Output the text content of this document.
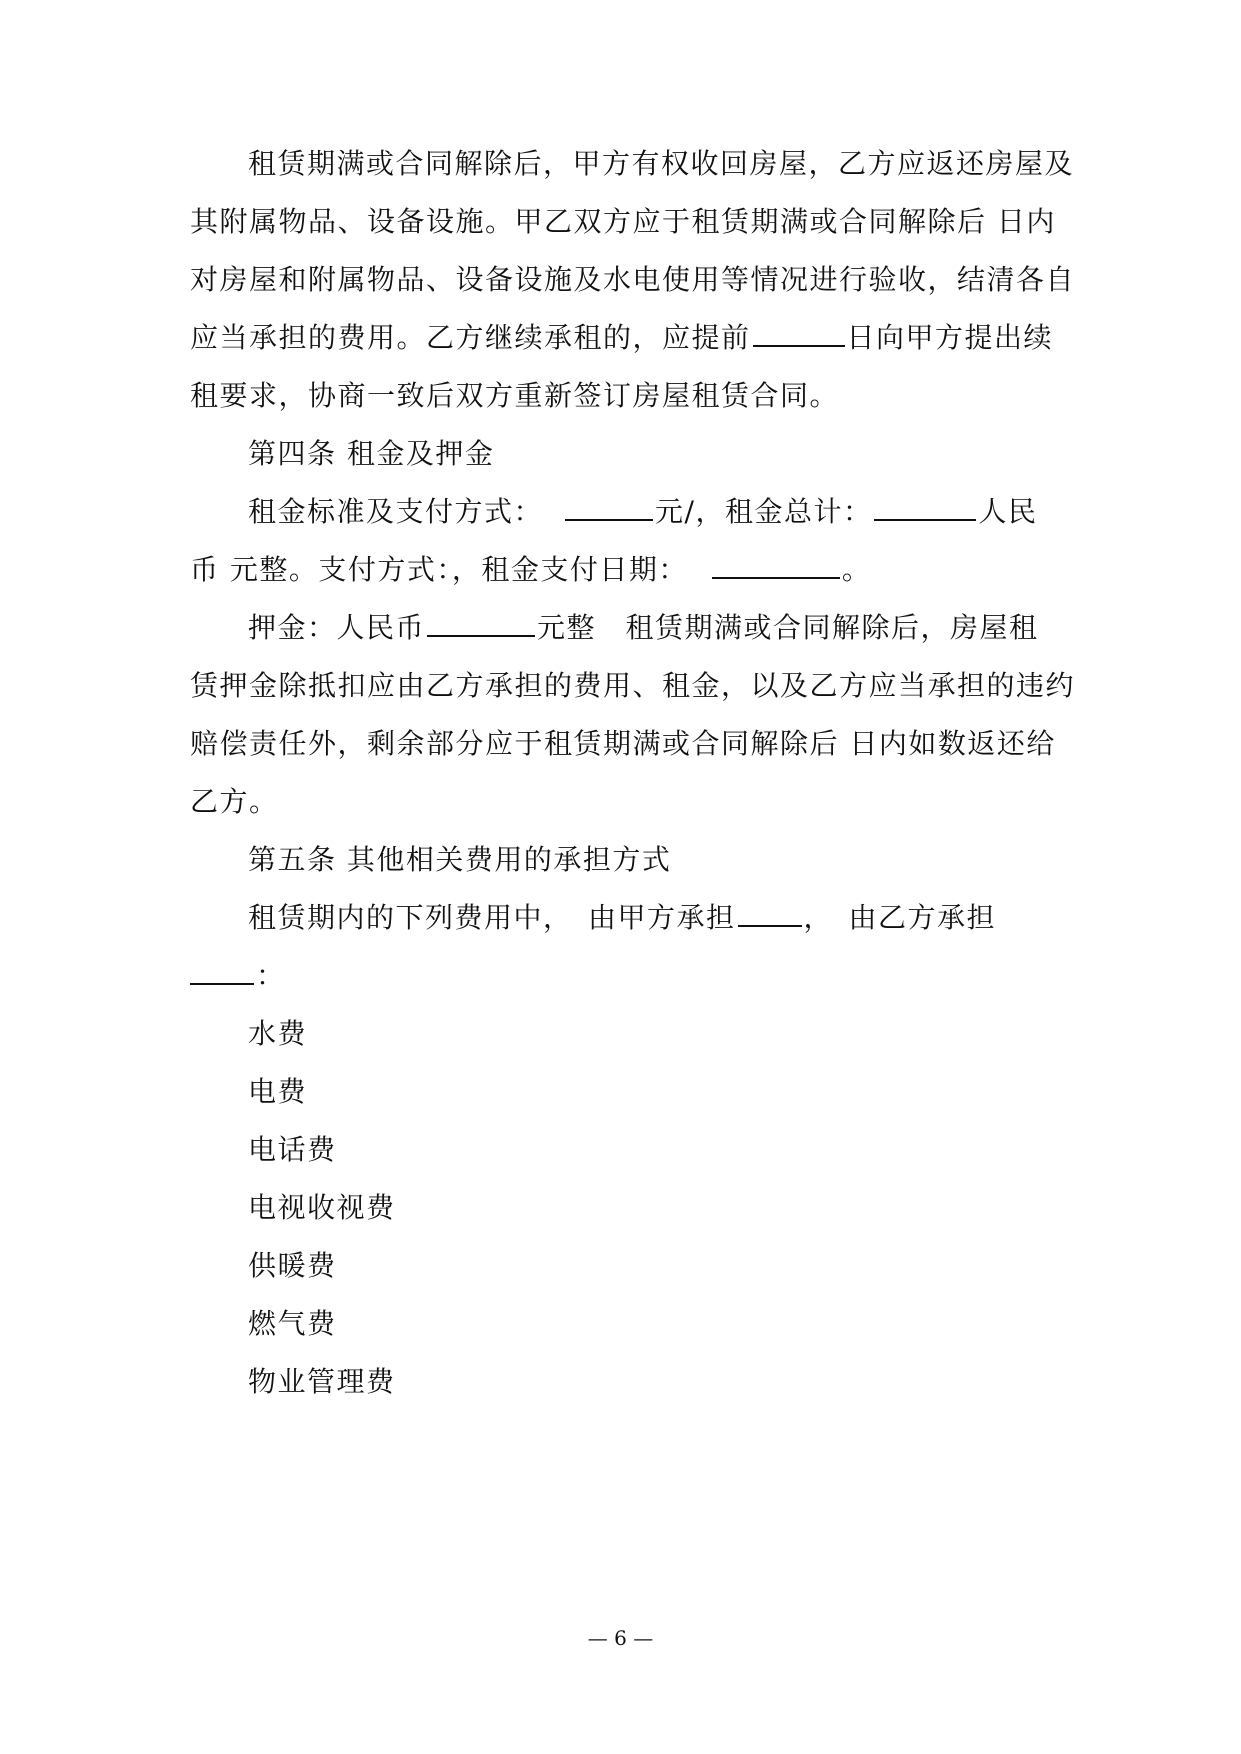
租赁期满或合同解除后，甲方有权收回房屋，乙方应返还房屋及
其附属物品、设备设施。甲乙双方应于租赁期满或合同解除后 日内
对房屋和附属物品、设备设施及水电使用等情况进行验收，结清各自
应当承担的费用。乙方继续承租的，应提前	日向甲方提出续
租要求，协商一致后双方重新签订房屋租赁合同。
第四条 租金及押金
租金标准及支付方式：	元/，租金总计：	人民
币 元整。支付方式：，租金支付日期：	。
押金：人民币	元整　租赁期满或合同解除后，房屋租
赁押金除抵扣应由乙方承担的费用、租金，以及乙方应当承担的违约
赔偿责任外，剩余部分应于租赁期满或合同解除后 日内如数返还给
乙方。
第五条 其他相关费用的承担方式
租赁期内的下列费用中，　由甲方承担 ，　由乙方承担
：
水费
电费
电话费
电视收视费
供暖费
燃气费
物业管理费
— 6 —
